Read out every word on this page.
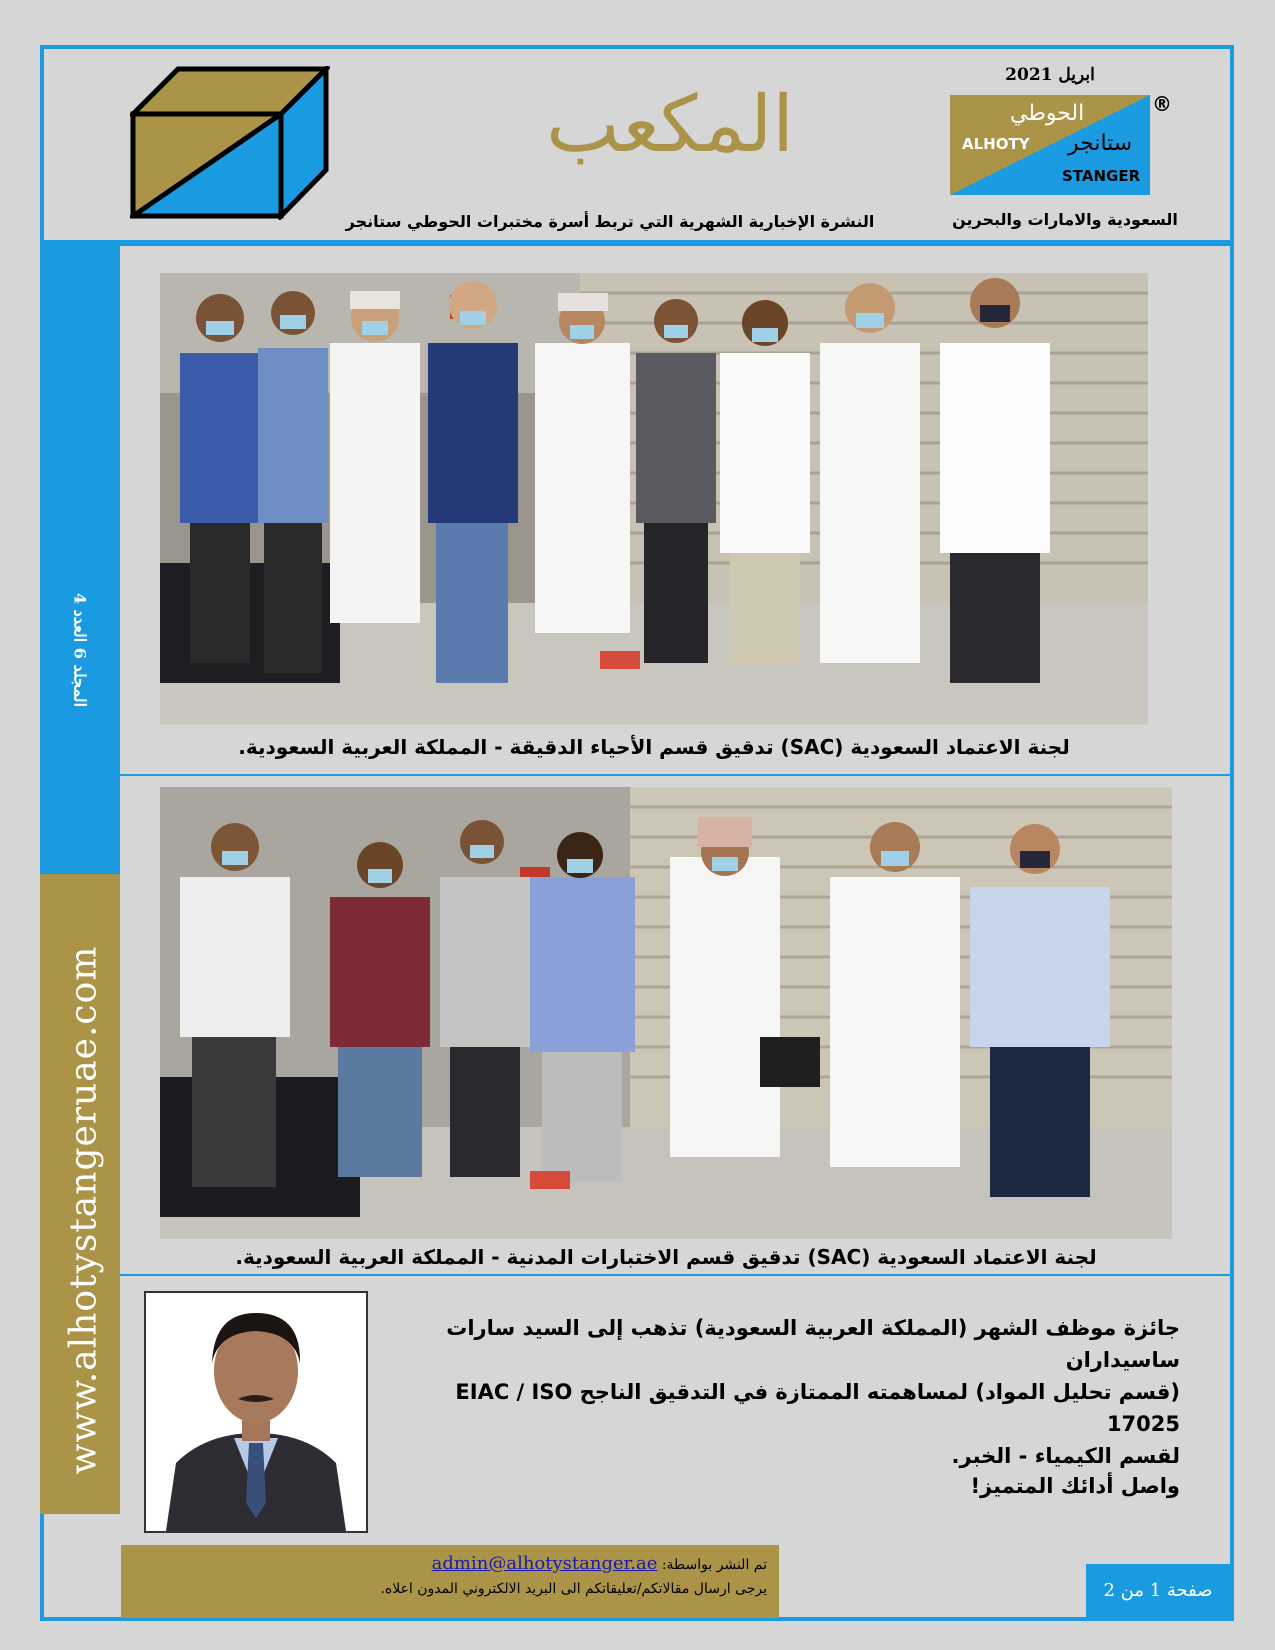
المكعب
النشرة الإخبارية الشهرية التي تربط أسرة مختبرات الحوطي ستانجر
ابريل 2021
الحوطي
ALHOTY ستانجر
STANGER
®
السعودية والامارات والبحرين
المجلد 6 العدد 4
www.alhotystangeruae.com
لجنة الاعتماد السعودية (SAC) تدقيق قسم الأحياء الدقيقة - المملكة العربية السعودية.
لجنة الاعتماد السعودية (SAC) تدقيق قسم الاختبارات المدنية - المملكة العربية السعودية.
جائزة موظف الشهر (المملكة العربية السعودية) تذهب إلى السيد سارات ساسيداران
(قسم تحليل المواد) لمساهمته الممتازة في التدقيق الناجح EIAC / ISO 17025
لقسم الكيمياء - الخبر.
واصل أدائك المتميز!
تم النشر بواسطة: admin@alhotystanger.ae
يرجى ارسال مقالاتكم/تعليقاتكم الى البريد الالكتروني المدون اعلاه.	صفحة 1 من 2
